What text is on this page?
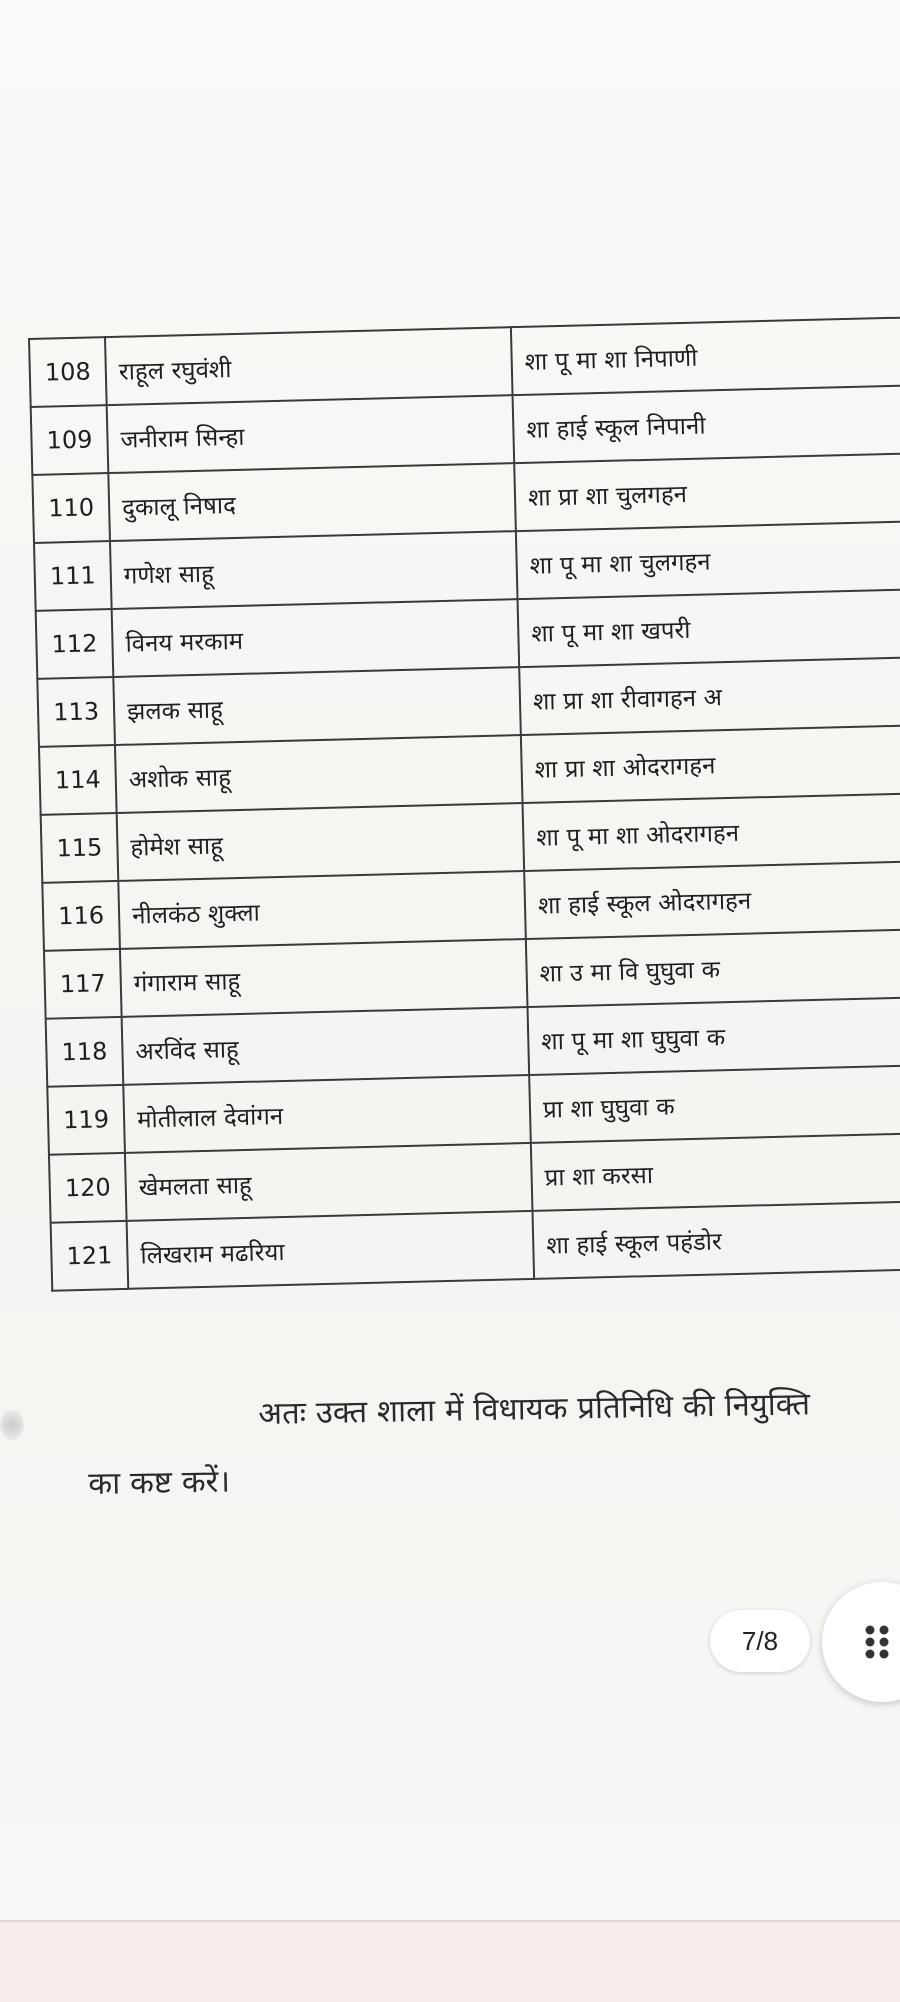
108	राहूल रघुवंशी	शा पू मा शा निपाणी	
109	जनीराम सिन्हा	शा हाई स्कूल निपानी	
110	दुकालू निषाद	शा प्रा शा चुलगहन	
111	गणेश साहू	शा पू मा शा चुलगहन	
112	विनय मरकाम	शा पू मा शा खपरी	
113	झलक साहू	शा प्रा शा रीवागहन अ	
114	अशोक साहू	शा प्रा शा ओदरागहन	
115	होमेश साहू	शा पू मा शा ओदरागहन	
116	नीलकंठ शुक्ला	शा हाई स्कूल ओदरागहन	
117	गंगाराम साहू	शा उ मा वि घुघुवा क	
118	अरविंद साहू	शा पू मा शा घुघुवा क	
119	मोतीलाल देवांगन	प्रा शा घुघुवा क	
120	खेमलता साहू	प्रा शा करसा	
121	लिखराम मढरिया	शा हाई स्कूल पहंडोर	
अतः उक्त शाला में विधायक प्रतिनिधि की नियुक्ति
का कष्ट करें।
7/8
